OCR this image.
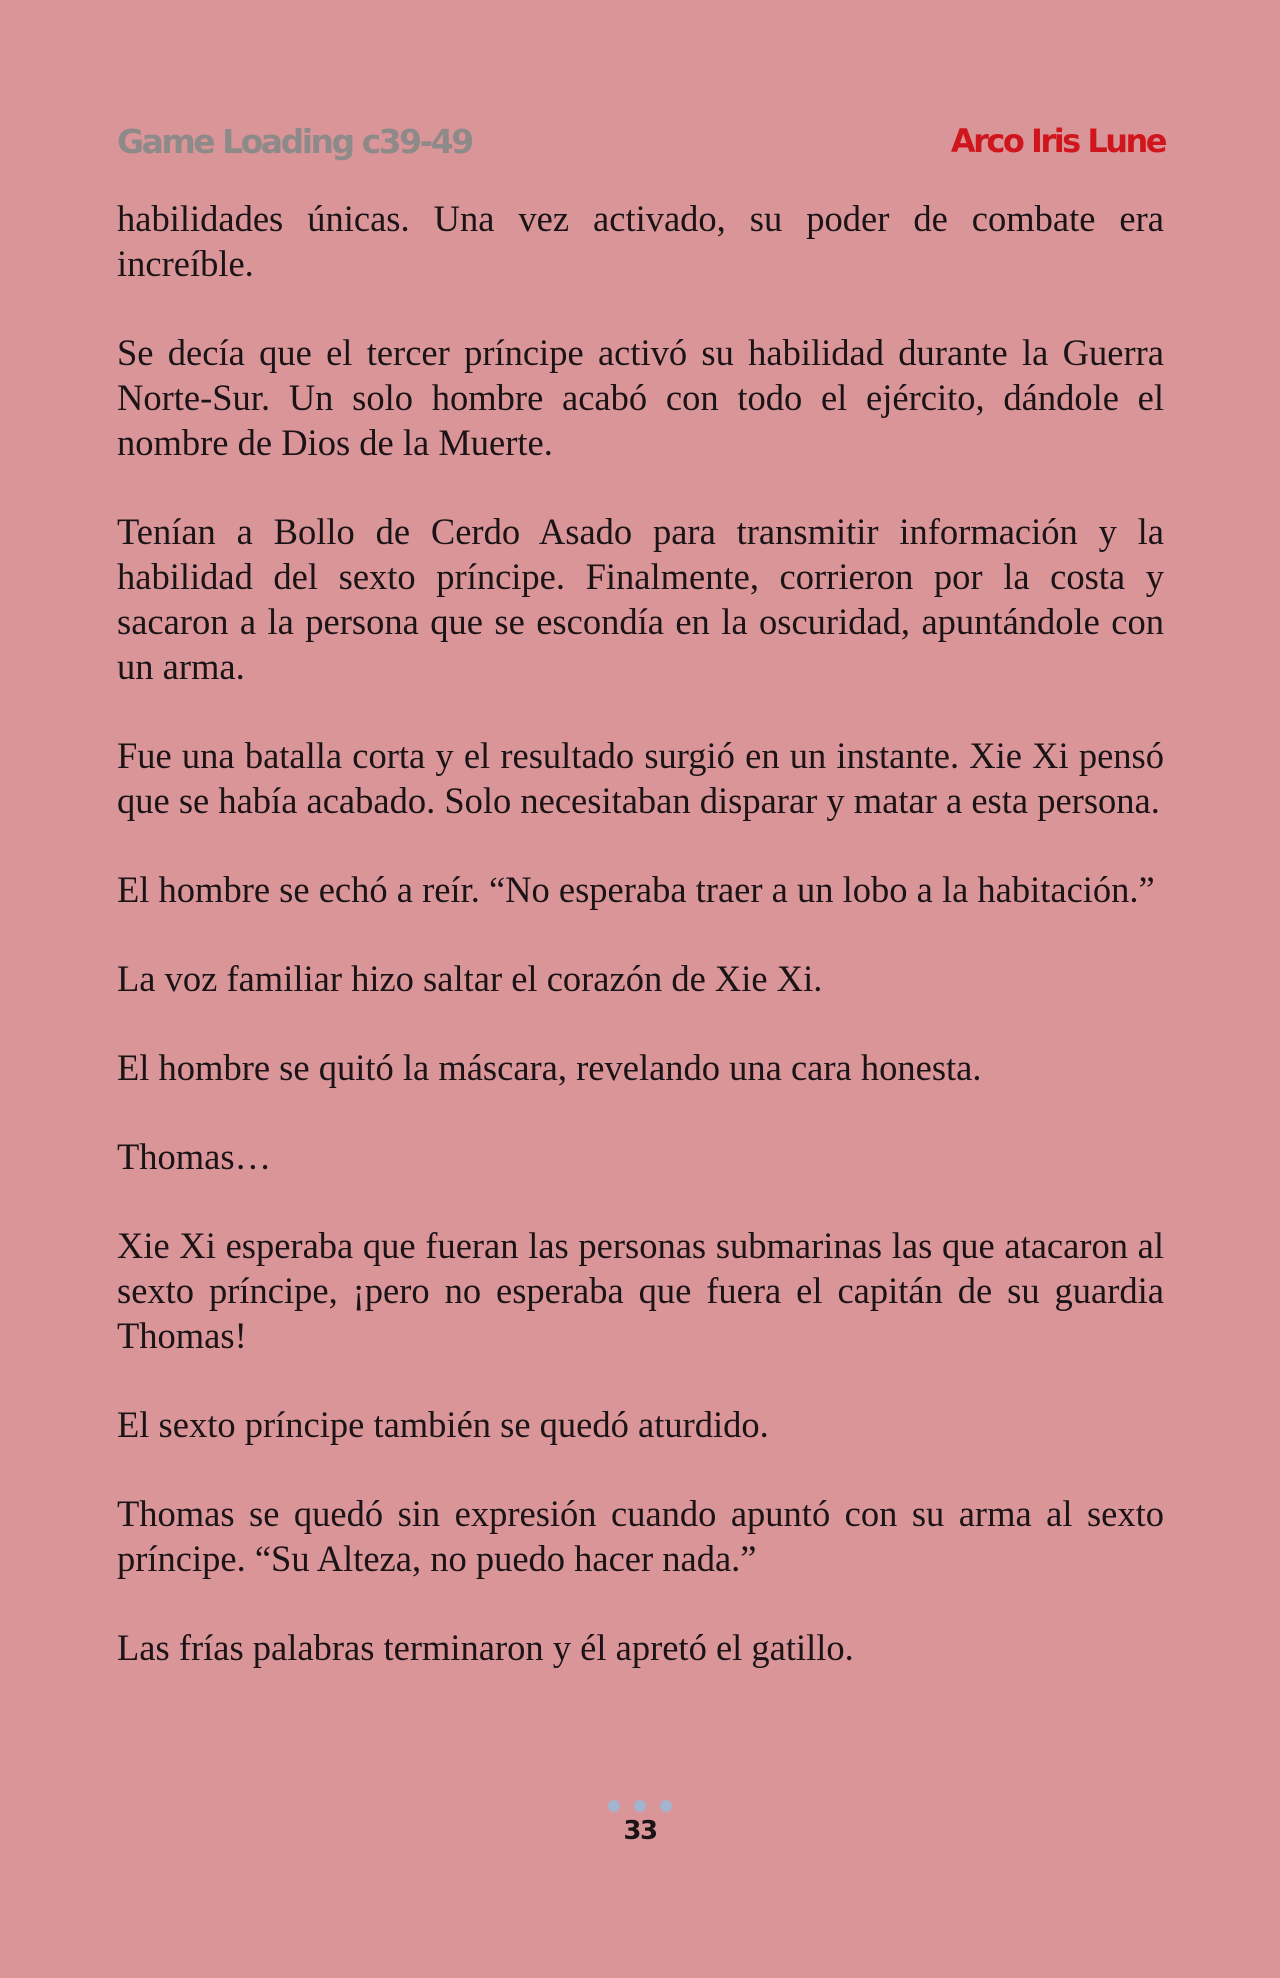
Game Loading c39-49	Arco Iris Lune

habilidades únicas. Una vez activado, su poder de combate era increíble.

Se decía que el tercer príncipe activó su habilidad durante la Guerra Norte-Sur. Un solo hombre acabó con todo el ejército, dándole el nombre de Dios de la Muerte.

Tenían a Bollo de Cerdo Asado para transmitir información y la habilidad del sexto príncipe. Finalmente, corrieron por la costa y sacaron a la persona que se escondía en la oscuridad, apuntándole con un arma.

Fue una batalla corta y el resultado surgió en un instante. Xie Xi pensó que se había acabado. Solo necesitaban disparar y matar a esta persona.

El hombre se echó a reír. “No esperaba traer a un lobo a la habitación.”

La voz familiar hizo saltar el corazón de Xie Xi.

El hombre se quitó la máscara, revelando una cara honesta.

Thomas…

Xie Xi esperaba que fueran las personas submarinas las que atacaron al sexto príncipe, ¡pero no esperaba que fuera el capitán de su guardia Thomas!

El sexto príncipe también se quedó aturdido.

Thomas se quedó sin expresión cuando apuntó con su arma al sexto príncipe. “Su Alteza, no puedo hacer nada.”

Las frías palabras terminaron y él apretó el gatillo.

33
